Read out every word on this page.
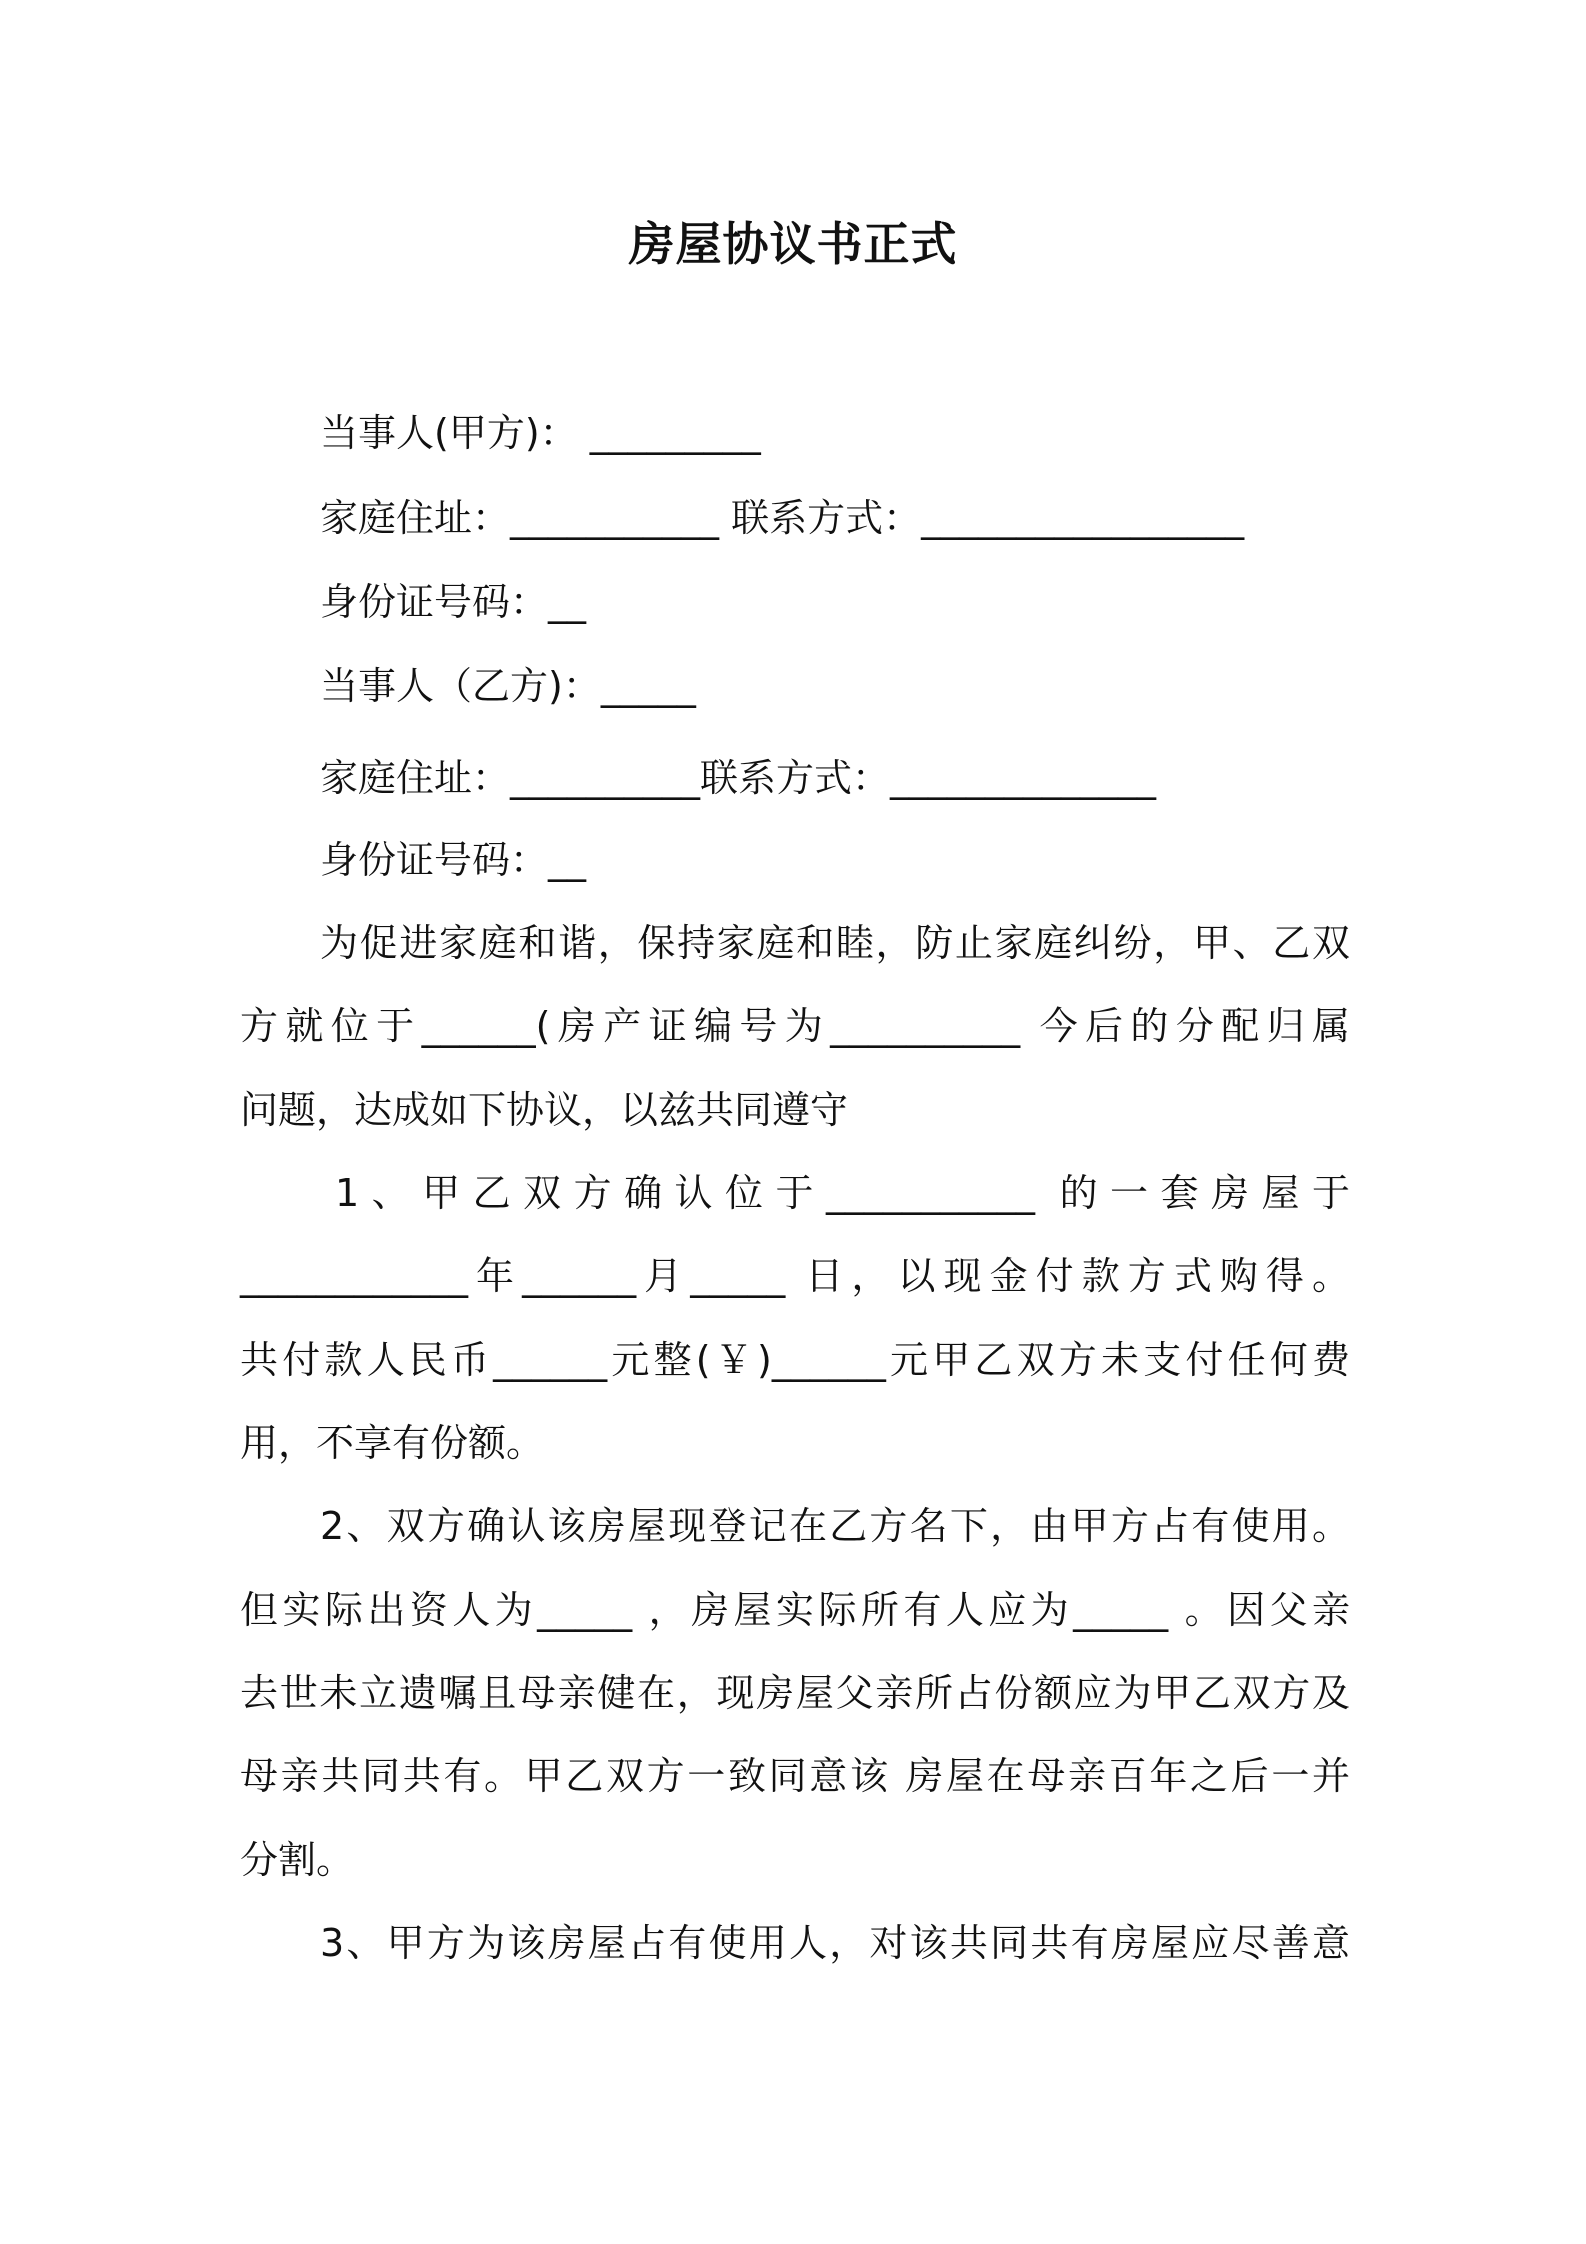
房屋协议书正式
当事人(甲方)： _________
家庭住址：___________ 联系方式：_________________
身份证号码：__
当事人（乙方)：_____
家庭住址：__________联系方式：______________
身份证号码：__
为促进家庭和谐，保持家庭和睦，防止家庭纠纷，甲、乙双
方就位于______(房产证编号为__________ 今后的分配归属
问题，达成如下协议，以兹共同遵守
1、甲乙双方确认位于___________ 的一套房屋于
____________年______月_____ 日，以现金付款方式购得。
共付款人民币______元整(￥)______元甲乙双方未支付任何费
用，不享有份额。
2、双方确认该房屋现登记在乙方名下，由甲方占有使用。
但实际出资人为_____ ，房屋实际所有人应为_____ 。因父亲
去世未立遗嘱且母亲健在，现房屋父亲所占份额应为甲乙双方及
母亲共同共有。甲乙双方一致同意该 房屋在母亲百年之后一并
分割。
3、甲方为该房屋占有使用人，对该共同共有房屋应尽善意
